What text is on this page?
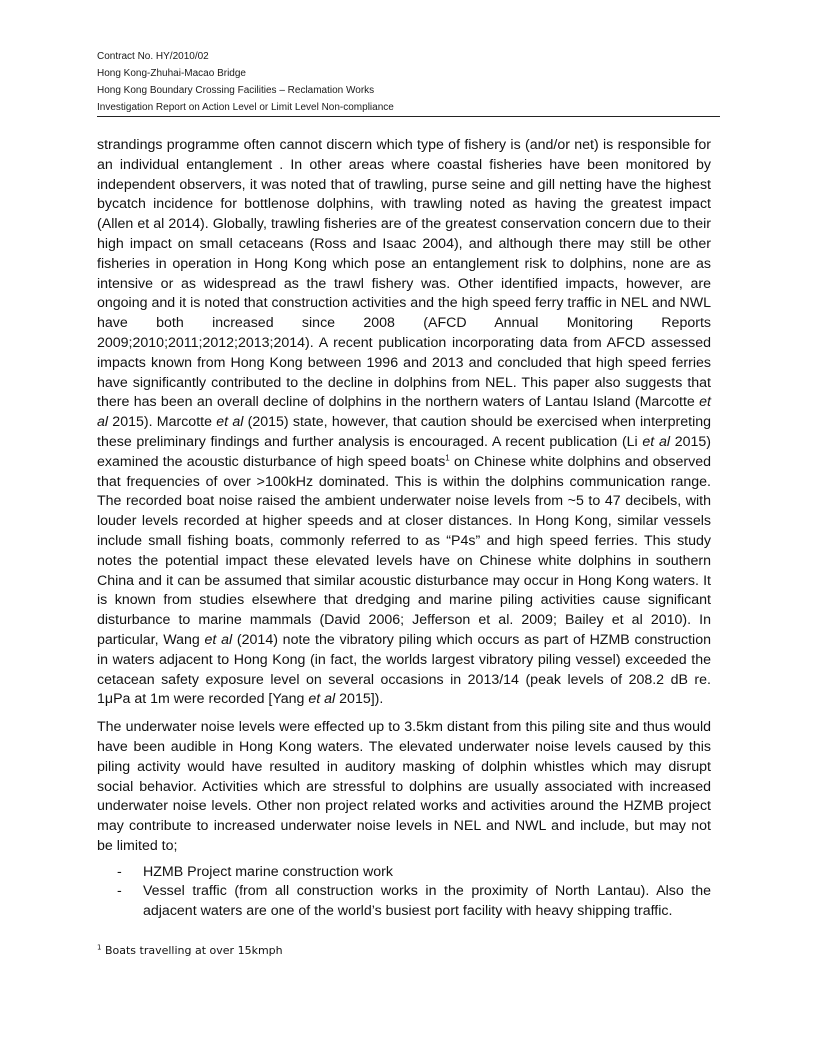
Contract No. HY/2010/02
Hong Kong-Zhuhai-Macao Bridge
Hong Kong Boundary Crossing Facilities – Reclamation Works
Investigation Report on Action Level or Limit Level Non-compliance

strandings programme often cannot discern which type of fishery is (and/or net) is responsible for an individual entanglement . In other areas where coastal fisheries have been monitored by independent observers, it was noted that of trawling, purse seine and gill netting have the highest bycatch incidence for bottlenose dolphins, with trawling noted as having the greatest impact (Allen et al 2014). Globally, trawling fisheries are of the greatest conservation concern due to their high impact on small cetaceans (Ross and Isaac 2004), and although there may still be other fisheries in operation in Hong Kong which pose an entanglement risk to dolphins, none are as intensive or as widespread as the trawl fishery was. Other identified impacts, however, are ongoing and it is noted that construction activities and the high speed ferry traffic in NEL and NWL have both increased since 2008 (AFCD Annual Monitoring Reports 2009;2010;2011;2012;2013;2014). A recent publication incorporating data from AFCD assessed impacts known from Hong Kong between 1996 and 2013 and concluded that high speed ferries have significantly contributed to the decline in dolphins from NEL. This paper also suggests that there has been an overall decline of dolphins in the northern waters of Lantau Island (Marcotte et al 2015). Marcotte et al (2015) state, however, that caution should be exercised when interpreting these preliminary findings and further analysis is encouraged. A recent publication (Li et al 2015) examined the acoustic disturbance of high speed boats$^1$ on Chinese white dolphins and observed that frequencies of over >100kHz dominated. This is within the dolphins communication range. The recorded boat noise raised the ambient underwater noise levels from ~5 to 47 decibels, with louder levels recorded at higher speeds and at closer distances. In Hong Kong, similar vessels include small fishing boats, commonly referred to as “P4s” and high speed ferries. This study notes the potential impact these elevated levels have on Chinese white dolphins in southern China and it can be assumed that similar acoustic disturbance may occur in Hong Kong waters. It is known from studies elsewhere that dredging and marine piling activities cause significant disturbance to marine mammals (David 2006; Jefferson et al. 2009; Bailey et al 2010). In particular, Wang et al (2014) note the vibratory piling which occurs as part of HZMB construction in waters adjacent to Hong Kong (in fact, the worlds largest vibratory piling vessel) exceeded the cetacean safety exposure level on several occasions in 2013/14 (peak levels of 208.2 dB re. 1μPa at 1m were recorded [Yang et al 2015]).

The underwater noise levels were effected up to 3.5km distant from this piling site and thus would have been audible in Hong Kong waters. The elevated underwater noise levels caused by this piling activity would have resulted in auditory masking of dolphin whistles which may disrupt social behavior. Activities which are stressful to dolphins are usually associated with increased underwater noise levels. Other non project related works and activities around the HZMB project may contribute to increased underwater noise levels in NEL and NWL and include, but may not be limited to;

- HZMB Project marine construction work
- Vessel traffic (from all construction works in the proximity of North Lantau). Also the adjacent waters are one of the world’s busiest port facility with heavy shipping traffic.
$^1$ Boats travelling at over 15kmph
